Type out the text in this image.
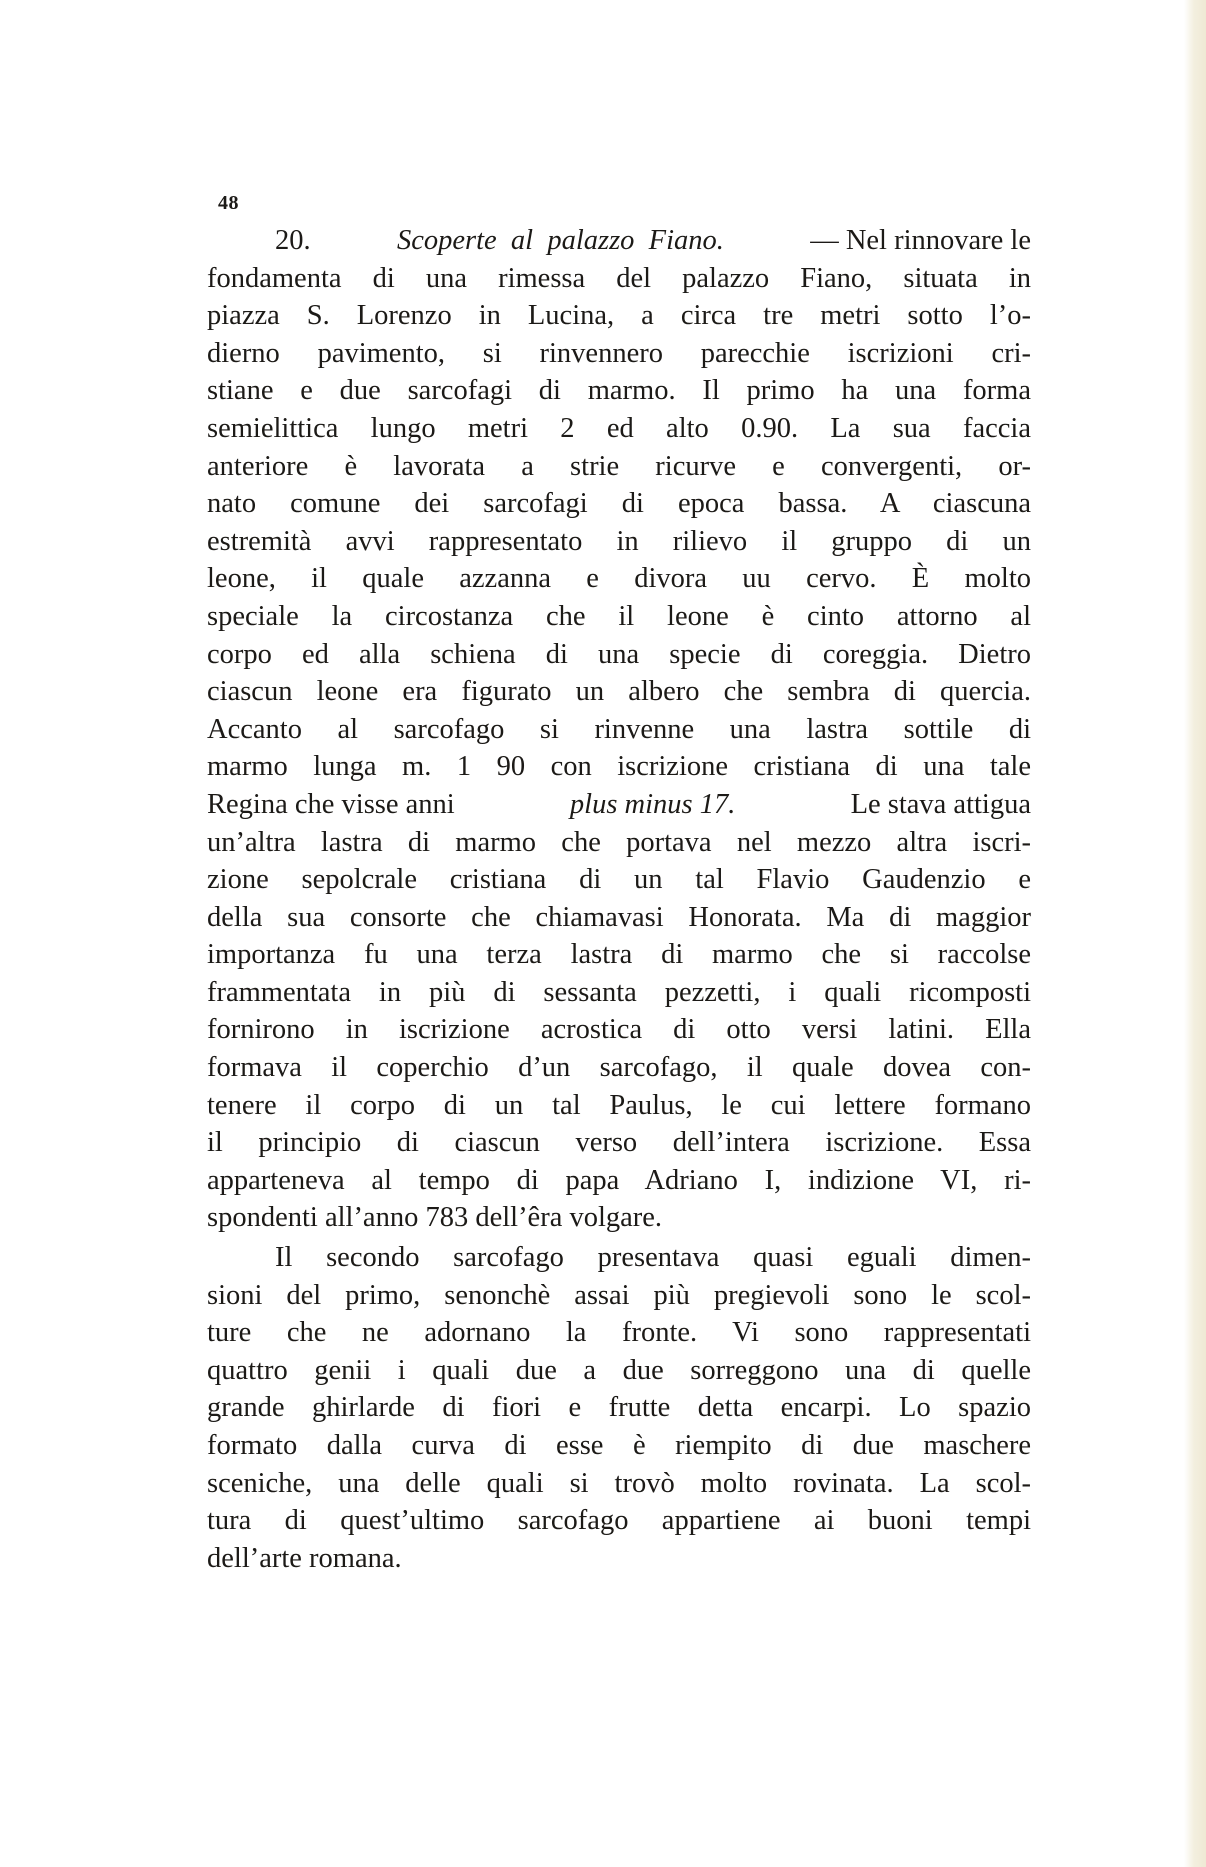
48
20.	Scoperte  al  palazzo  Fiano.	— Nel rinnovare le
fondamenta di una rimessa del palazzo Fiano, situata in
piazza S. Lorenzo in Lucina, a circa tre metri sotto l’o-
dierno pavimento, si rinvennero parecchie iscrizioni cri-
stiane e due sarcofagi di marmo. Il primo ha una forma
semielittica lungo metri 2 ed alto 0.90. La sua faccia
anteriore è lavorata a strie ricurve e convergenti, or-
nato comune dei sarcofagi di epoca bassa. A ciascuna
estremità avvi rappresentato in rilievo il gruppo di un
leone, il quale azzanna e divora uu cervo. È molto
speciale la circostanza che il leone è cinto attorno al
corpo ed alla schiena di una specie di coreggia. Dietro
ciascun leone era figurato un albero che sembra di quercia.
Accanto al sarcofago si rinvenne una lastra sottile di
marmo lunga m. 1 90 con iscrizione cristiana di una tale
Regina che visse anni	plus minus 17.	Le stava attigua
un’altra lastra di marmo che portava nel mezzo altra iscri-
zione sepolcrale cristiana di un tal Flavio Gaudenzio e
della sua consorte che chiamavasi Honorata. Ma di maggior
importanza fu una terza lastra di marmo che si raccolse
frammentata in più di sessanta pezzetti, i quali ricomposti
fornirono in iscrizione acrostica di otto versi latini. Ella
formava il coperchio d’un sarcofago, il quale dovea con-
tenere il corpo di un tal Paulus, le cui lettere formano
il principio di ciascun verso dell’intera iscrizione. Essa
apparteneva al tempo di papa Adriano I, indizione VI, ri-
spondenti all’anno 783 dell’êra volgare.
Il secondo sarcofago presentava quasi eguali dimen-
sioni del primo, senonchè assai più pregievoli sono le scol-
ture che ne adornano la fronte. Vi sono rappresentati
quattro genii i quali due a due sorreggono una di quelle
grande ghirlarde di fiori e frutte detta encarpi. Lo spazio
formato dalla curva di esse è riempito di due maschere
sceniche, una delle quali si trovò molto rovinata. La scol-
tura di quest’ultimo sarcofago appartiene ai buoni tempi
dell’arte romana.
